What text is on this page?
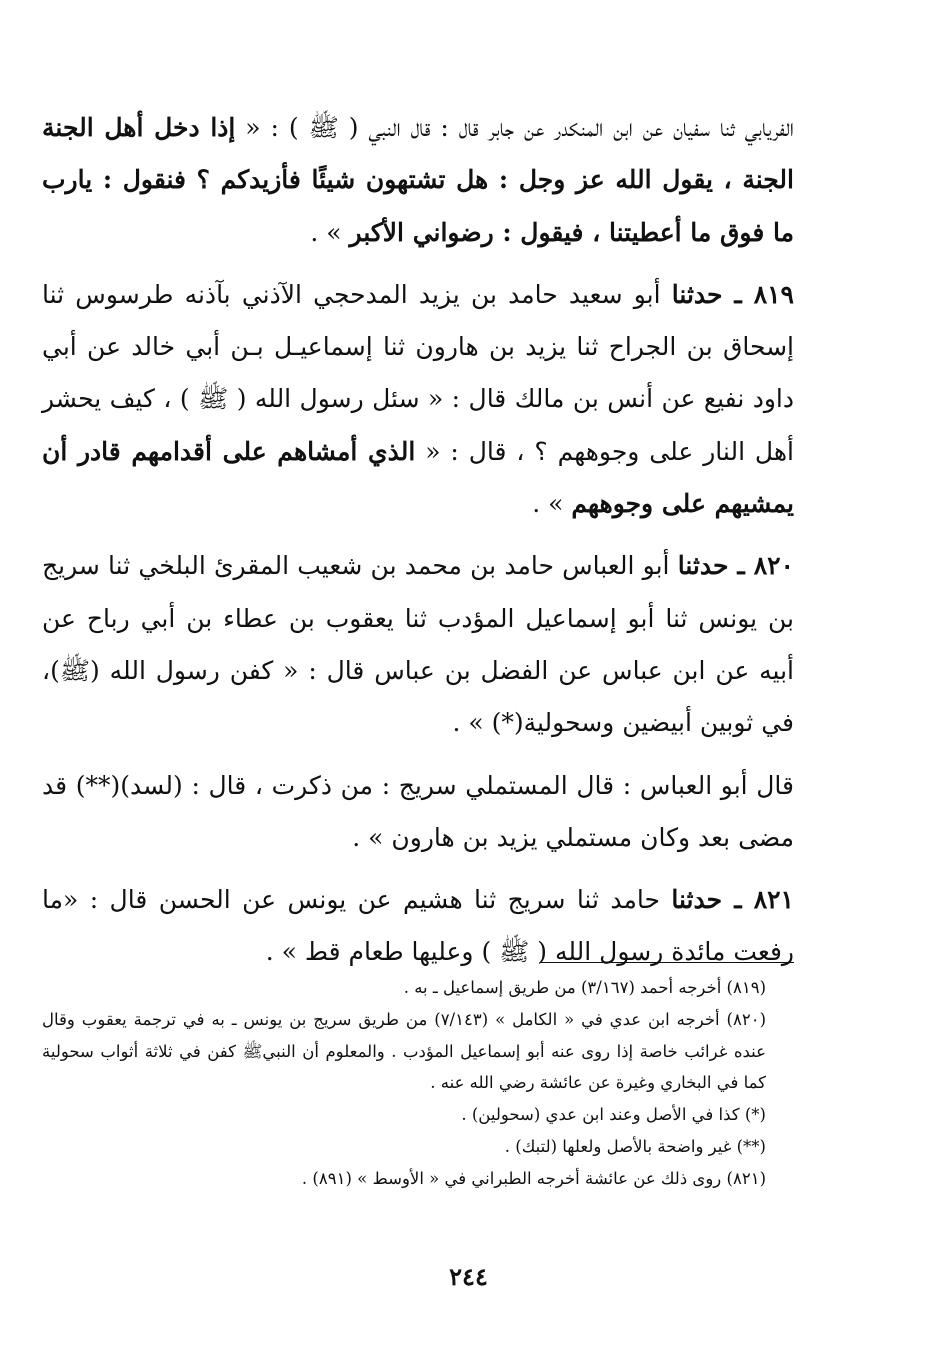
الفريابي ثنا سفيان عن ابن المنكدر عن جابر قال : قال النبي ( ﷺ ) : « إذا دخل أهل الجنة الجنة ، يقول الله عز وجل : هل تشتهون شيئًا فأزيدكم ؟ فنقول : يارب ما فوق ما أعطيتنا ، فيقول : رضواني الأكبر » .

٨١٩ ـ حدثنا أبو سعيد حامد بن يزيد المدحجي الآذني بآذنه طرسوس ثنا إسحاق بن الجراح ثنا يزيد بن هارون ثنا إسماعيـل بـن أبي خالد عن أبي داود نفيع عن أنس بن مالك قال : « سئل رسول الله ( ﷺ ) ، كيف يحشر أهل النار على وجوههم ؟ ، قال : « الذي أمشاهم على أقدامهم قادر أن يمشيهم على وجوههم » .

٨٢٠ ـ حدثنا أبو العباس حامد بن محمد بن شعيب المقرئ البلخي ثنا سريج بن يونس ثنا أبو إسماعيل المؤدب ثنا يعقوب بن عطاء بن أبي رباح عن أبيه عن ابن عباس عن الفضل بن عباس قال : « كفن رسول الله (ﷺ)، في ثوبين أبيضين وسحولية(*) » .

قال أبو العباس : قال المستملي سريج : من ذكرت ، قال : (لسد)(**) قد مضى بعد وكان مستملي يزيد بن هارون » .

٨٢١ ـ حدثنا حامد ثنا سريج ثنا هشيم عن يونس عن الحسن قال : «ما رفعت مائدة رسول الله ( ﷺ ) وعليها طعام قط » .

(٨١٩) أخرجه أحمد (٣/١٦٧) من طريق إسماعيل ـ به .

(٨٢٠) أخرجه ابن عدي في « الكامل » (٧/١٤٣) من طريق سريج بن يونس ـ به في ترجمة يعقوب وقال عنده غرائب خاصة إذا روى عنه أبو إسماعيل المؤدب . والمعلوم أن النبيﷺ كفن في ثلاثة أثواب سحولية كما في البخاري وغيرة عن عائشة رضي الله عنه .

(*) كذا في الأصل وعند ابن عدي (سحولين) .

(**) غير واضحة بالأصل ولعلها (لتبك) .

(٨٢١) روى ذلك عن عائشة أخرجه الطبراني في « الأوسط » (٨٩١) .

٢٤٤
